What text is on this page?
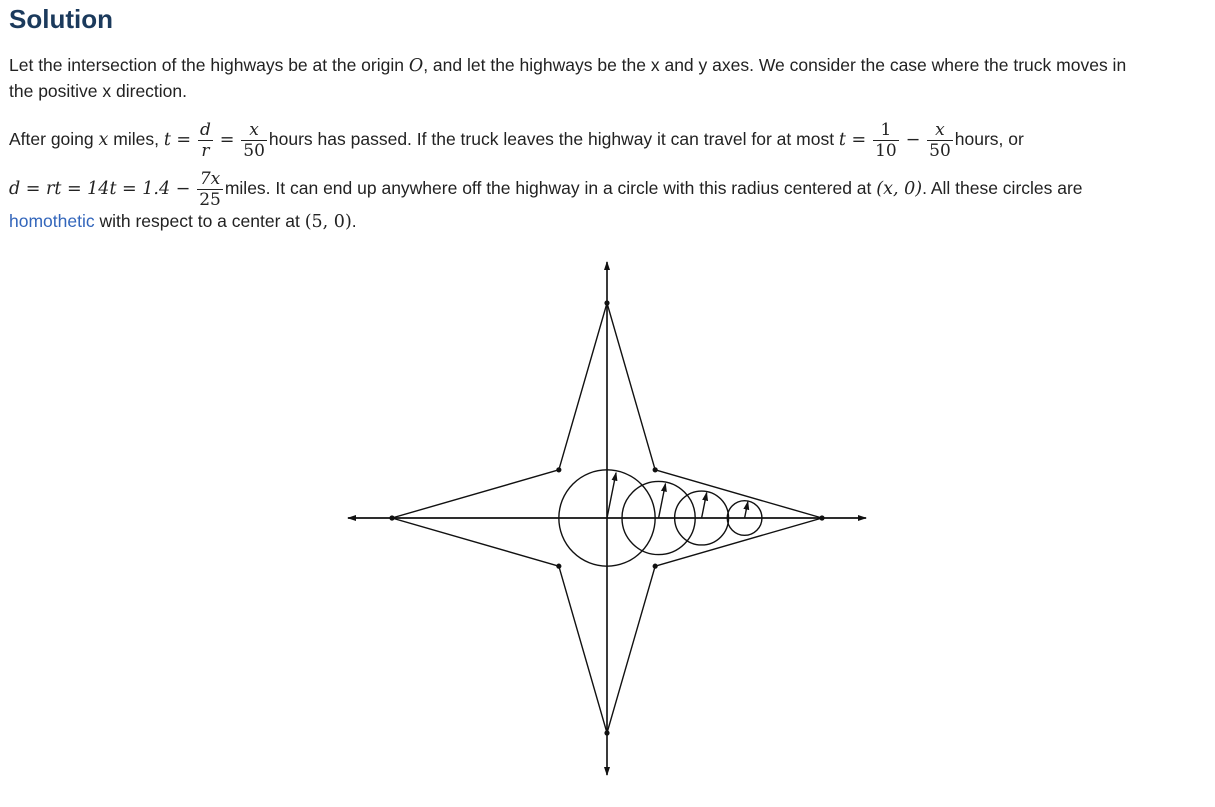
Solution
Let the intersection of the highways be at the origin O, and let the highways be the x and y axes. We consider the case where the truck moves in
the positive x direction.
After going x miles, $t = \frac{d}{r} = \frac{x}{50}$ hours has passed. If the truck leaves the highway it can travel for at most $t = \frac{1}{10} - \frac{x}{50}$ hours, or
d = rt = $14t = 1.4 - \frac{7x}{25}$ miles. It can end up anywhere off the highway in a circle with this radius centered at (x, 0). All these circles are
homothetic with respect to a center at (5, 0).
